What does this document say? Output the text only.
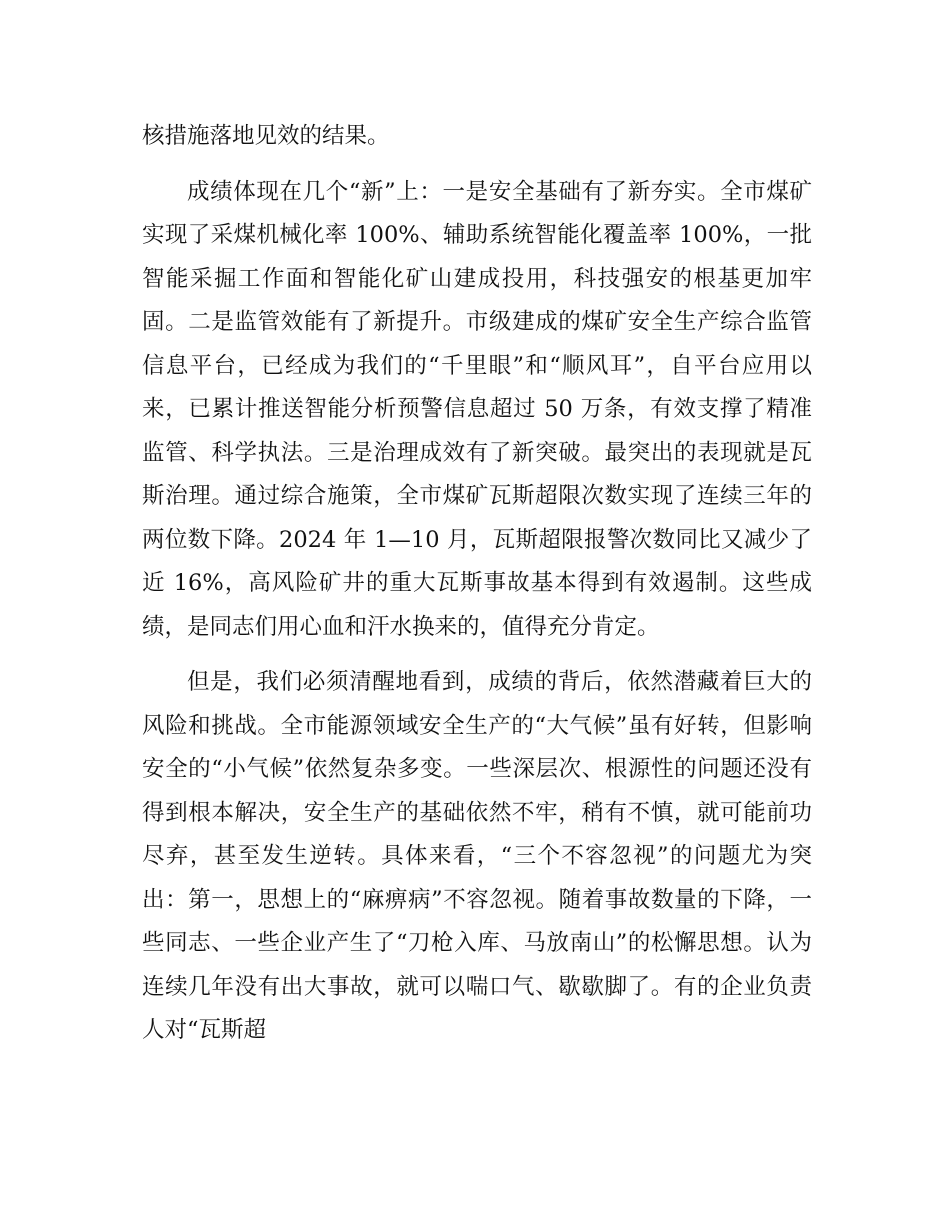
核措施落地见效的结果。

成绩体现在几个“新”上：一是安全基础有了新夯实。全市煤矿实现了采煤机械化率 100%、辅助系统智能化覆盖率 100%，一批智能采掘工作面和智能化矿山建成投用，科技强安的根基更加牢固。二是监管效能有了新提升。市级建成的煤矿安全生产综合监管信息平台，已经成为我们的“千里眼”和“顺风耳”，自平台应用以来，已累计推送智能分析预警信息超过 50 万条，有效支撑了精准监管、科学执法。三是治理成效有了新突破。最突出的表现就是瓦斯治理。通过综合施策，全市煤矿瓦斯超限次数实现了连续三年的两位数下降。2024 年 1—10 月，瓦斯超限报警次数同比又减少了近 16%，高风险矿井的重大瓦斯事故基本得到有效遏制。这些成绩，是同志们用心血和汗水换来的，值得充分肯定。

但是，我们必须清醒地看到，成绩的背后，依然潜藏着巨大的风险和挑战。全市能源领域安全生产的“大气候”虽有好转，但影响安全的“小气候”依然复杂多变。一些深层次、根源性的问题还没有得到根本解决，安全生产的基础依然不牢，稍有不慎，就可能前功尽弃，甚至发生逆转。具体来看，“三个不容忽视”的问题尤为突出：第一，思想上的“麻痹病”不容忽视。随着事故数量的下降，一些同志、一些企业产生了“刀枪入库、马放南山”的松懈思想。认为连续几年没有出大事故，就可以喘口气、歇歇脚了。有的企业负责人对“瓦斯超
